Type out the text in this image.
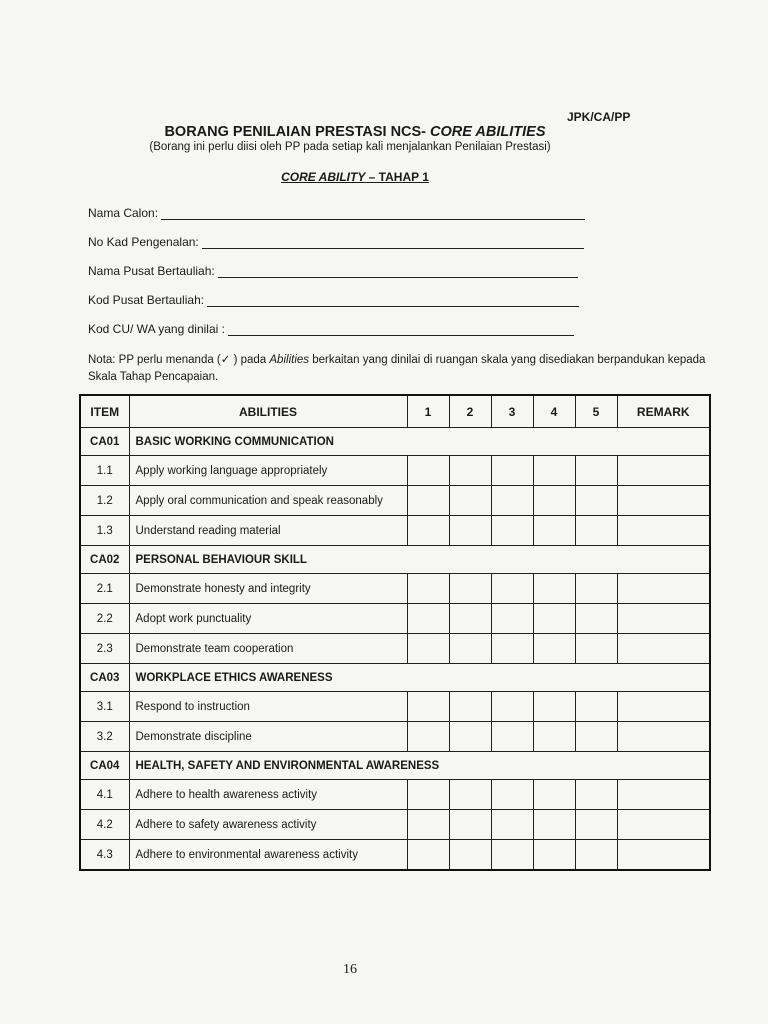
JPK/CA/PP
BORANG PENILAIAN PRESTASI NCS- CORE ABILITIES
(Borang ini perlu diisi oleh PP pada setiap kali menjalankan Penilaian Prestasi)
CORE ABILITY – TAHAP 1
Nama Calon:
No Kad Pengenalan:
Nama Pusat Bertauliah:
Kod Pusat Bertauliah:
Kod CU/ WA yang dinilai :
Nota: PP perlu menanda (✓ ) pada Abilities berkaitan yang dinilai di ruangan skala yang disediakan berpandukan kepada Skala Tahap Pencapaian.
ITEM	ABILITIES	1	2	3	4	5	REMARK
CA01	BASIC WORKING COMMUNICATION						
1.1	Apply working language appropriately						
1.2	Apply oral communication and speak reasonably						
1.3	Understand reading material						
CA02	PERSONAL BEHAVIOUR SKILL						
2.1	Demonstrate honesty and integrity						
2.2	Adopt work punctuality						
2.3	Demonstrate team cooperation						
CA03	WORKPLACE ETHICS AWARENESS						
3.1	Respond to instruction						
3.2	Demonstrate discipline						
CA04	HEALTH, SAFETY AND ENVIRONMENTAL AWARENESS						
4.1	Adhere to health awareness activity						
4.2	Adhere to safety awareness activity						
4.3	Adhere to environmental awareness activity						
16
